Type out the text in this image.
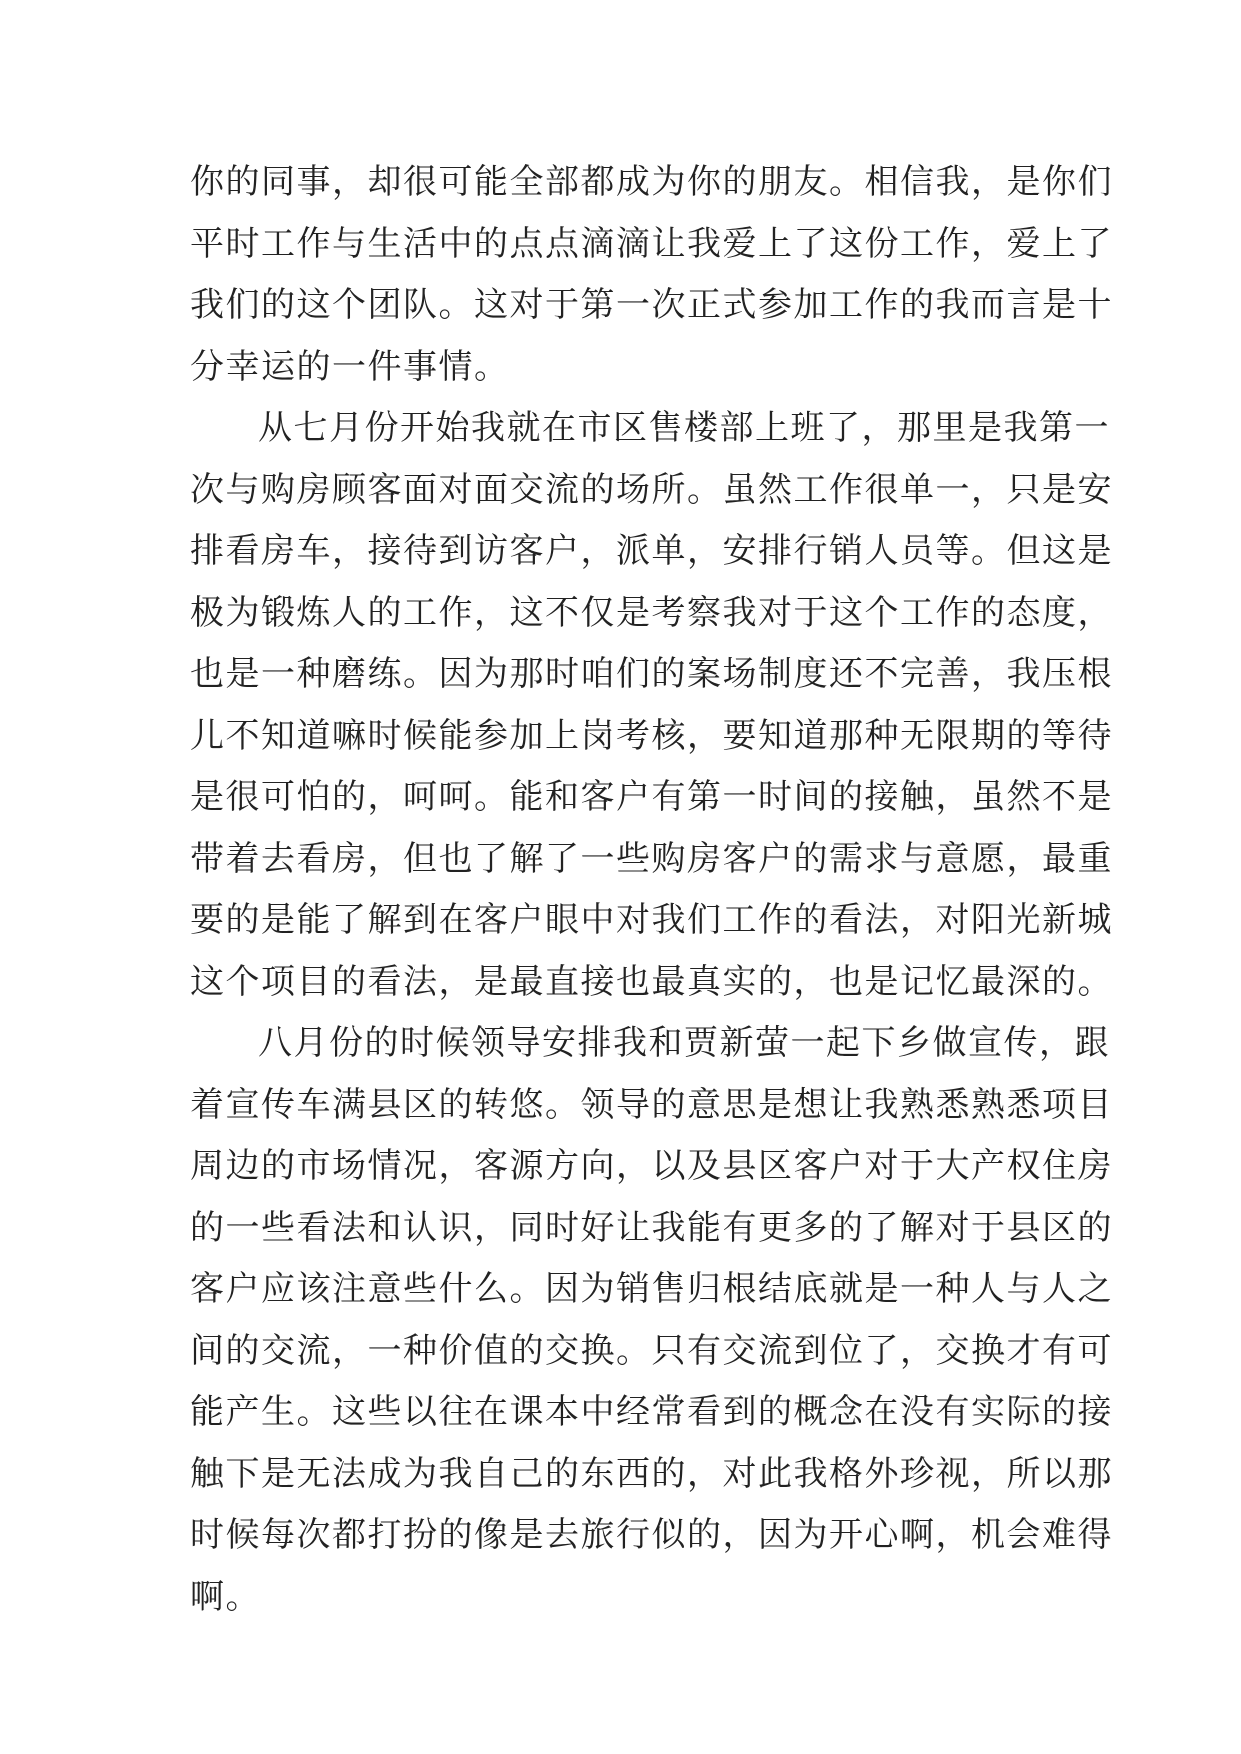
你的同事，却很可能全部都成为你的朋友。相信我，是你们
平时工作与生活中的点点滴滴让我爱上了这份工作，爱上了
我们的这个团队。这对于第一次正式参加工作的我而言是十
分幸运的一件事情。
从七月份开始我就在市区售楼部上班了，那里是我第一
次与购房顾客面对面交流的场所。虽然工作很单一，只是安
排看房车，接待到访客户，派单，安排行销人员等。但这是
极为锻炼人的工作，这不仅是考察我对于这个工作的态度，
也是一种磨练。因为那时咱们的案场制度还不完善，我压根
儿不知道嘛时候能参加上岗考核，要知道那种无限期的等待
是很可怕的，呵呵。能和客户有第一时间的接触，虽然不是
带着去看房，但也了解了一些购房客户的需求与意愿，最重
要的是能了解到在客户眼中对我们工作的看法，对阳光新城
这个项目的看法，是最直接也最真实的，也是记忆最深的。
八月份的时候领导安排我和贾新萤一起下乡做宣传，跟
着宣传车满县区的转悠。领导的意思是想让我熟悉熟悉项目
周边的市场情况，客源方向，以及县区客户对于大产权住房
的一些看法和认识，同时好让我能有更多的了解对于县区的
客户应该注意些什么。因为销售归根结底就是一种人与人之
间的交流，一种价值的交换。只有交流到位了，交换才有可
能产生。这些以往在课本中经常看到的概念在没有实际的接
触下是无法成为我自己的东西的，对此我格外珍视，所以那
时候每次都打扮的像是去旅行似的，因为开心啊，机会难得
啊。
